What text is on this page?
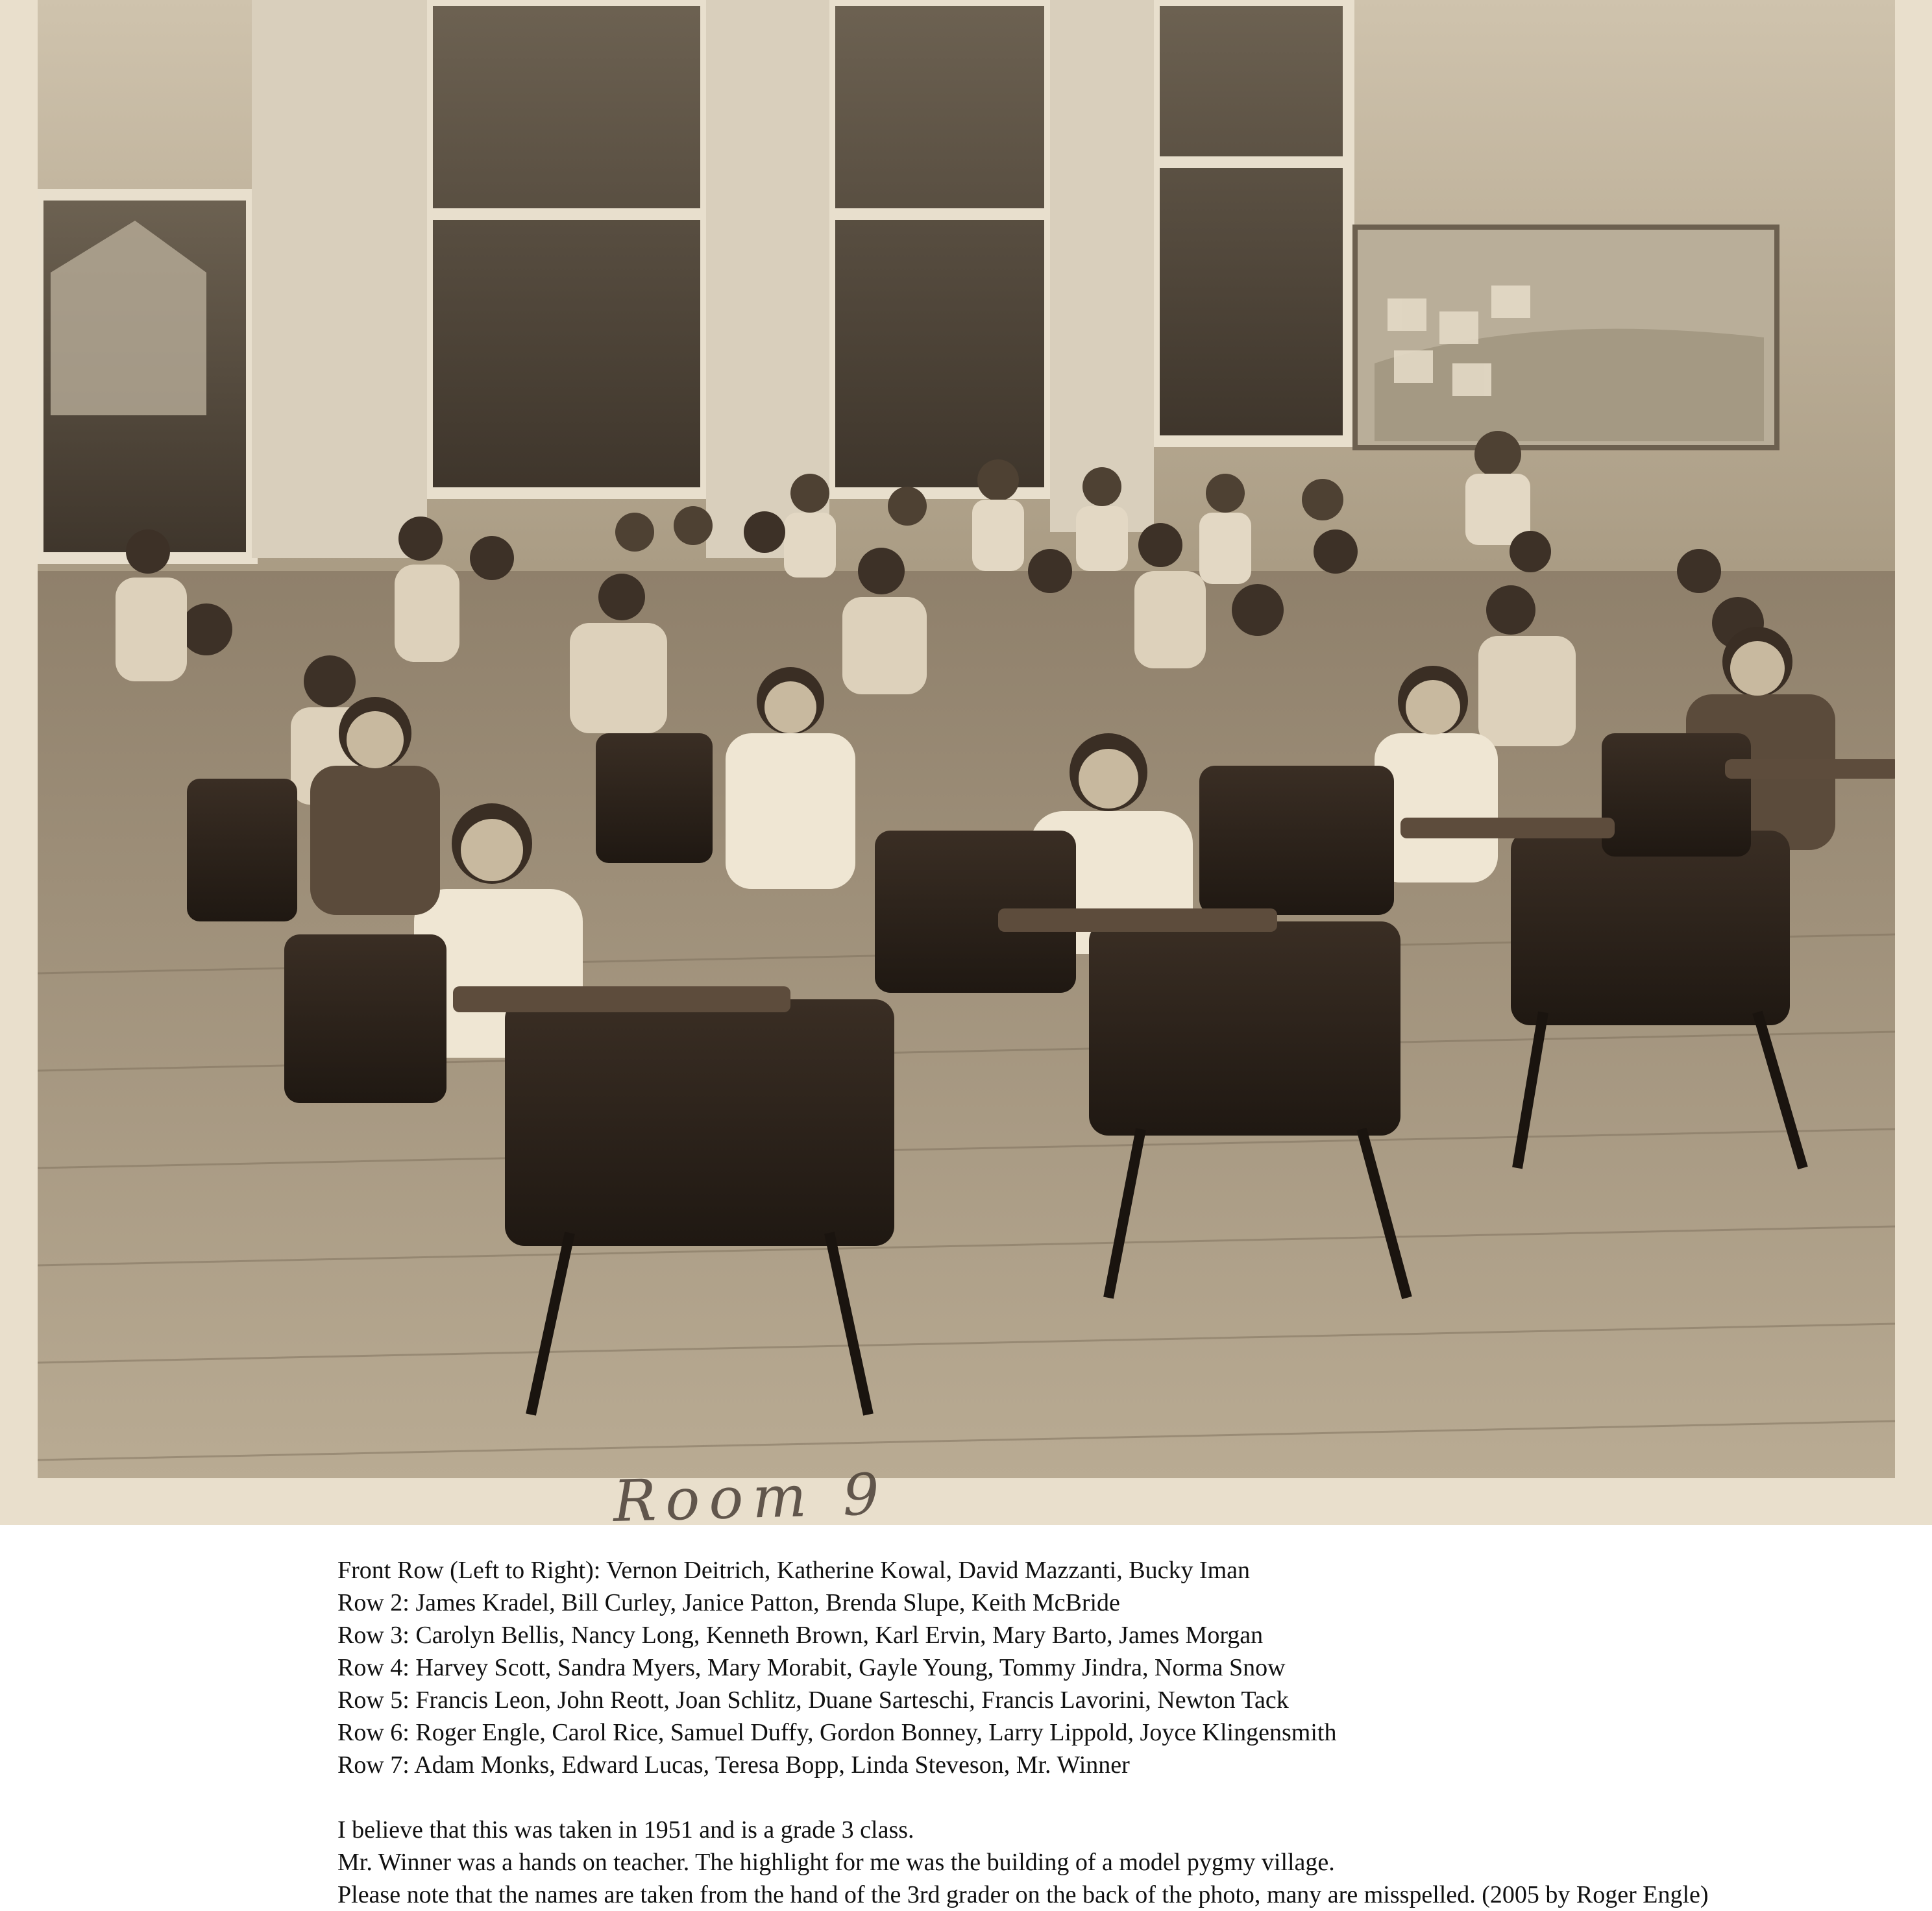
Room 9

Front Row (Left to Right): Vernon Deitrich, Katherine Kowal, David Mazzanti, Bucky Iman

Row 2: James Kradel, Bill Curley, Janice Patton, Brenda Slupe, Keith McBride

Row 3: Carolyn Bellis, Nancy Long, Kenneth Brown, Karl Ervin, Mary Barto, James Morgan

Row 4: Harvey Scott, Sandra Myers, Mary Morabit, Gayle Young, Tommy Jindra, Norma Snow

Row 5: Francis Leon, John Reott, Joan Schlitz, Duane Sarteschi, Francis Lavorini, Newton Tack

Row 6: Roger Engle, Carol Rice, Samuel Duffy, Gordon Bonney, Larry Lippold, Joyce Klingensmith

Row 7: Adam Monks, Edward Lucas, Teresa Bopp, Linda Steveson, Mr. Winner

I believe that this was taken in 1951 and is a grade 3 class.

Mr. Winner was a hands on teacher. The highlight for me was the building of a model pygmy village.

Please note that the names are taken from the hand of the 3rd grader on the back of the photo, many are misspelled. (2005 by Roger Engle)
